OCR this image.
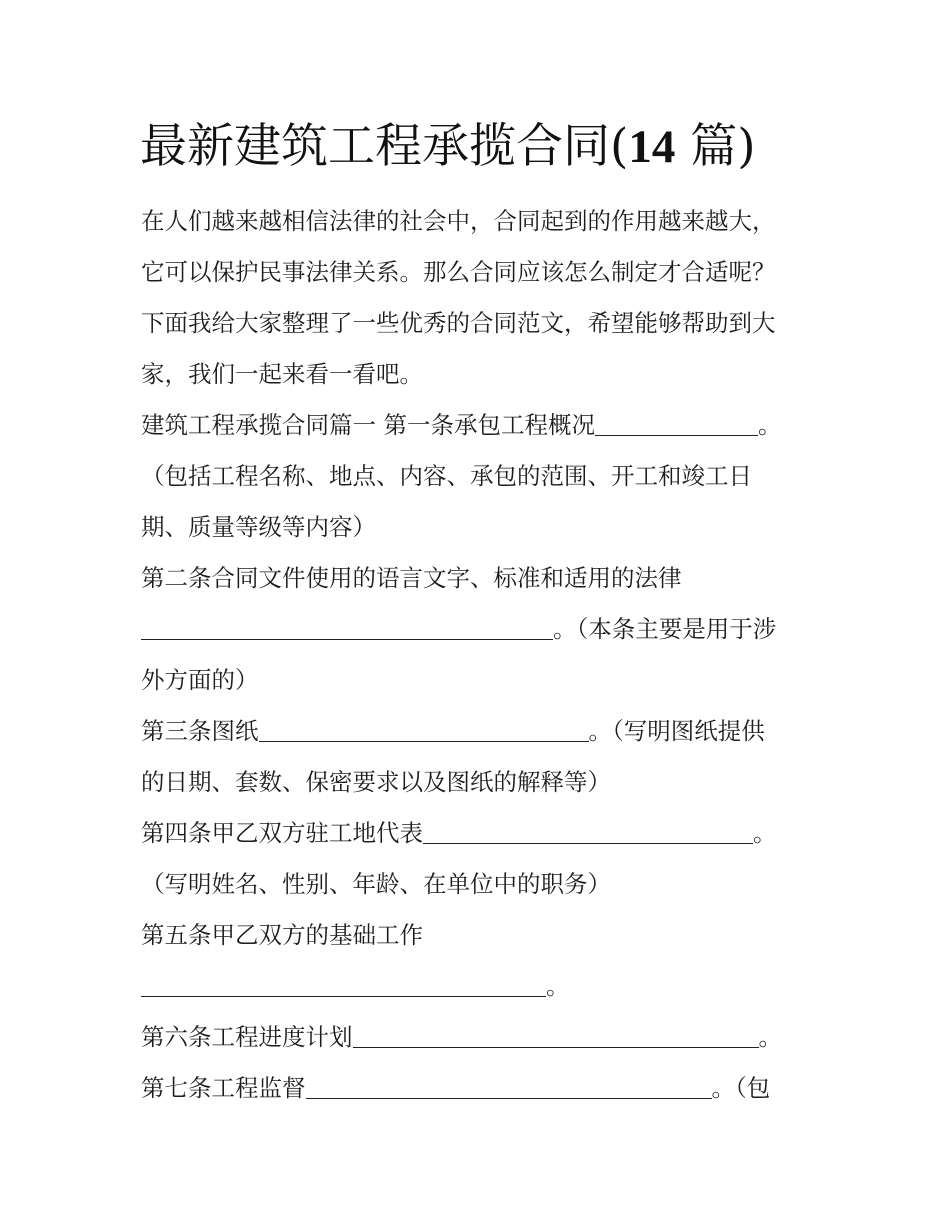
最新建筑工程承揽合同(14 篇)
在人们越来越相信法律的社会中，合同起到的作用越来越大，
它可以保护民事法律关系。那么合同应该怎么制定才合适呢？
下面我给大家整理了一些优秀的合同范文，希望能够帮助到大
家，我们一起来看一看吧。
建筑工程承揽合同篇一 第一条承包工程概况	。
（包括工程名称、地点、内容、承包的范围、开工和竣工日
期、质量等级等内容）
第二条合同文件使用的语言文字、标准和适用的法律
。（本条主要是用于涉
外方面的）
第三条图纸	。（写明图纸提供
的日期、套数、保密要求以及图纸的解释等）
第四条甲乙双方驻工地代表	。
（写明姓名、性别、年龄、在单位中的职务）
第五条甲乙双方的基础工作
。
第六条工程进度计划	。
第七条工程监督	。（包
